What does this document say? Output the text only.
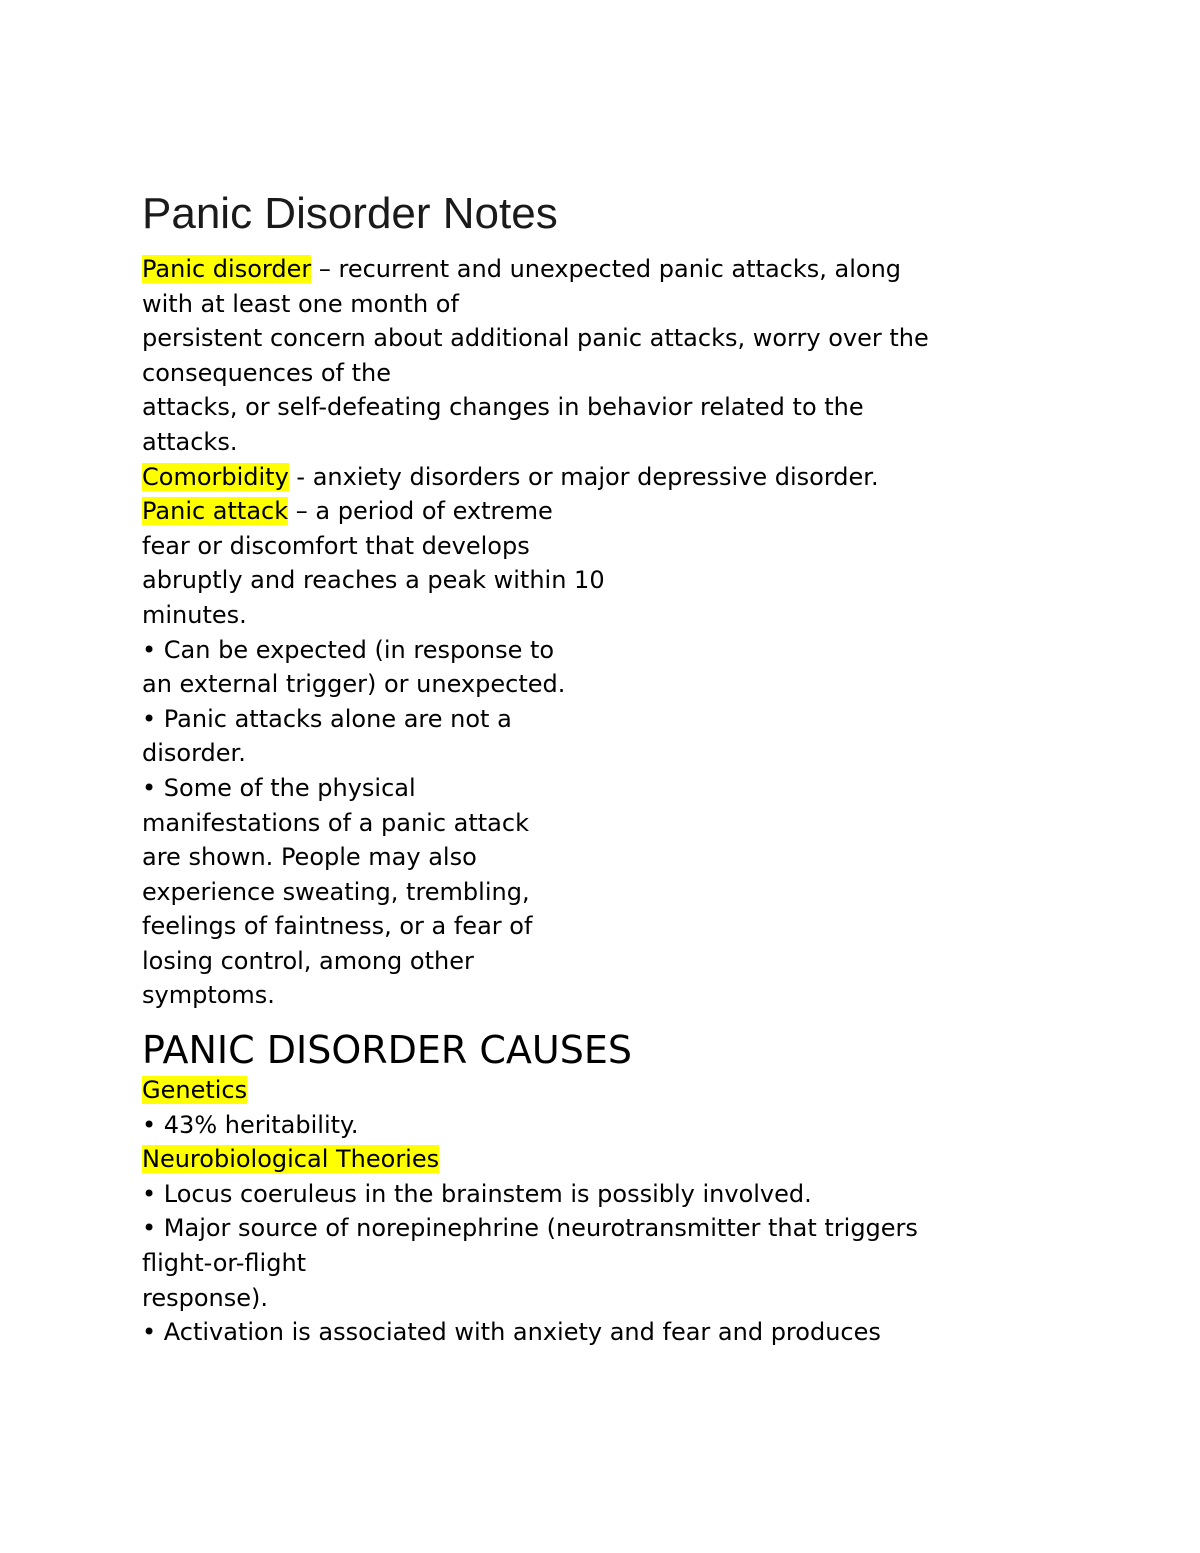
Panic Disorder Notes

Panic disorder – recurrent and unexpected panic attacks, along

with at least one month of

persistent concern about additional panic attacks, worry over the

consequences of the

attacks, or self-defeating changes in behavior related to the

attacks.

Comorbidity - anxiety disorders or major depressive disorder.

Panic attack – a period of extreme

fear or discomfort that develops

abruptly and reaches a peak within 10

minutes.

• Can be expected (in response to

an external trigger) or unexpected.

• Panic attacks alone are not a

disorder.

• Some of the physical

manifestations of a panic attack

are shown. People may also

experience sweating, trembling,

feelings of faintness, or a fear of

losing control, among other

symptoms.

PANIC DISORDER CAUSES

Genetics

• 43% heritability.

Neurobiological Theories

• Locus coeruleus in the brainstem is possibly involved.

• Major source of norepinephrine (neurotransmitter that triggers

flight-or-flight

response).

• Activation is associated with anxiety and fear and produces
